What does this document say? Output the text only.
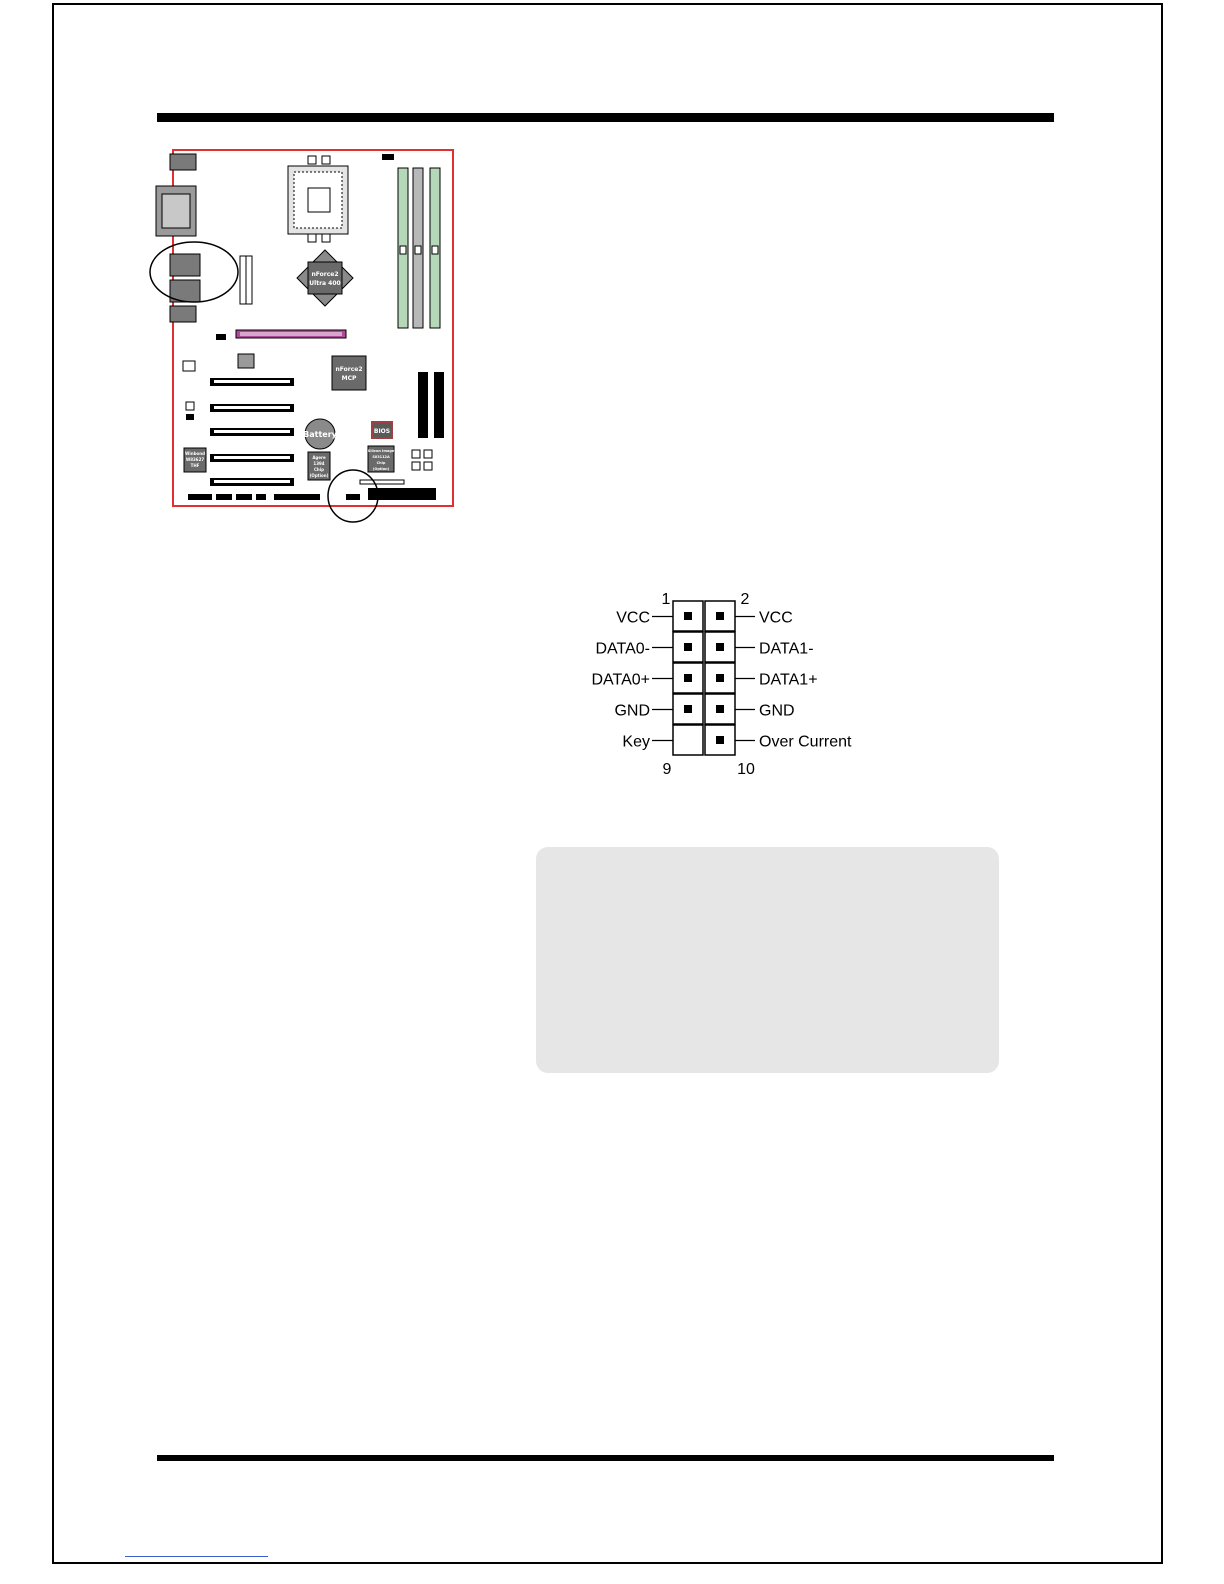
nForce2
Ultra 400
nForce2
MCP
Battery	BIOS
Winbond
W83627
THF
Agere
1394
Chip
(Option)
Silicon Image
Sil3112A
Chip
(Option)
1	2
9	10
VCC	VCC
DATA0-	DATA1-
DATA0+	DATA1+
GND	GND
Key	Over Current
